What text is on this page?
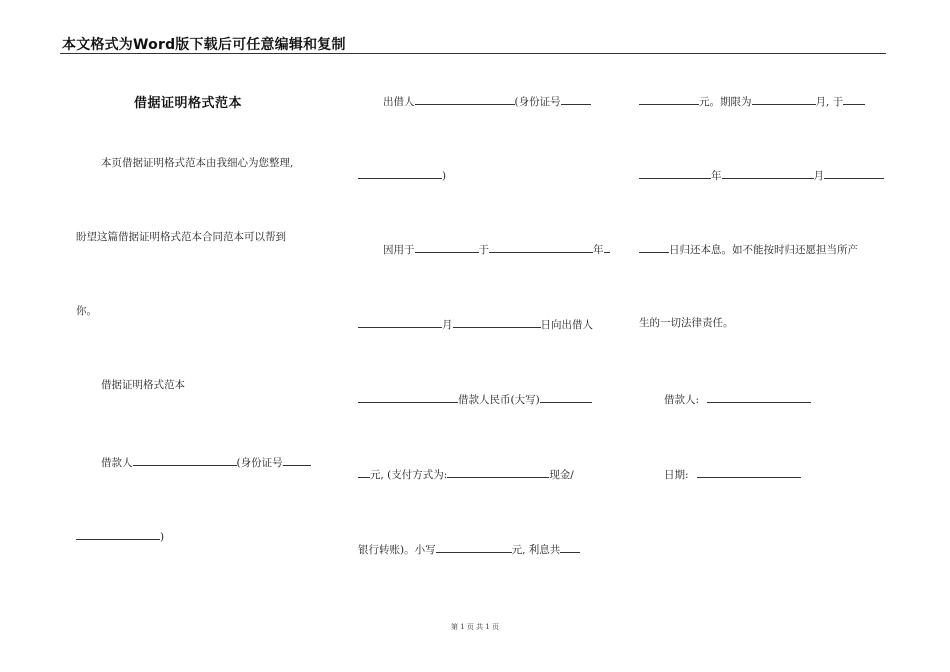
本文格式为Word版下载后可任意编辑和复制
借据证明格式范本
本页借据证明格式范本由我细心为您整理,
盼望这篇借据证明格式范本合同范本可以帮到
你。
借据证明格式范本
借款人	(身份证号
)
出借人	(身份证号
)
因用于	于	年
月	日向出借人
借款人民币(大写)
元, (支付方式为:	现金/
银行转账)。小写	元, 利息共
元。期限为	月, 于
年	月
日归还本息。如不能按时归还愿担当所产
生的一切法律责任。
借款人:
日期:
第 1 页 共 1 页
